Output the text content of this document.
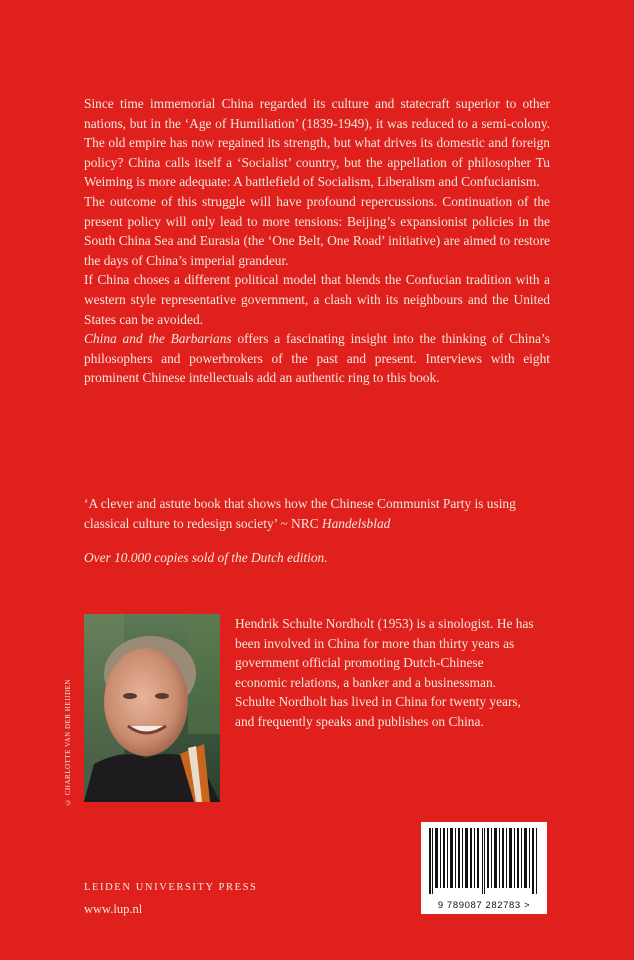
Since time immemorial China regarded its culture and statecraft superior to other nations, but in the ‘Age of Humiliation’ (1839-1949), it was reduced to a semi-colony. The old empire has now regained its strength, but what drives its domestic and foreign policy? China calls itself a ‘Socialist’ country, but the appellation of philosopher Tu Weiming is more adequate: A battlefield of Socialism, Liberalism and Confucianism.

The outcome of this struggle will have profound repercussions. Continuation of the present policy will only lead to more tensions: Beijing’s expansionist policies in the South China Sea and Eurasia (the ‘One Belt, One Road’ initiative) are aimed to restore the days of China’s imperial grandeur.

If China choses a different political model that blends the Confucian tradition with a western style representative government, a clash with its neighbours and the United States can be avoided.

China and the Barbarians offers a fascinating insight into the thinking of China’s philosophers and powerbrokers of the past and present. Interviews with eight prominent Chinese intellectuals add an authentic ring to this book.

‘A clever and astute book that shows how the Chinese Communist Party is using classical culture to redesign society’ ~ NRC Handelsblad
Over 10.000 copies sold of the Dutch edition.
© CHARLOTTE VAN DER HEIJDEN
Hendrik Schulte Nordholt (1953) is a sinologist. He has been involved in China for more than thirty years as government official promoting Dutch-Chinese economic relations, a banker and a businessman. Schulte Nordholt has lived in China for twenty years, and frequently speaks and publishes on China.
LEIDEN UNIVERSITY PRESS
www.lup.nl	9 789087 282783 >
